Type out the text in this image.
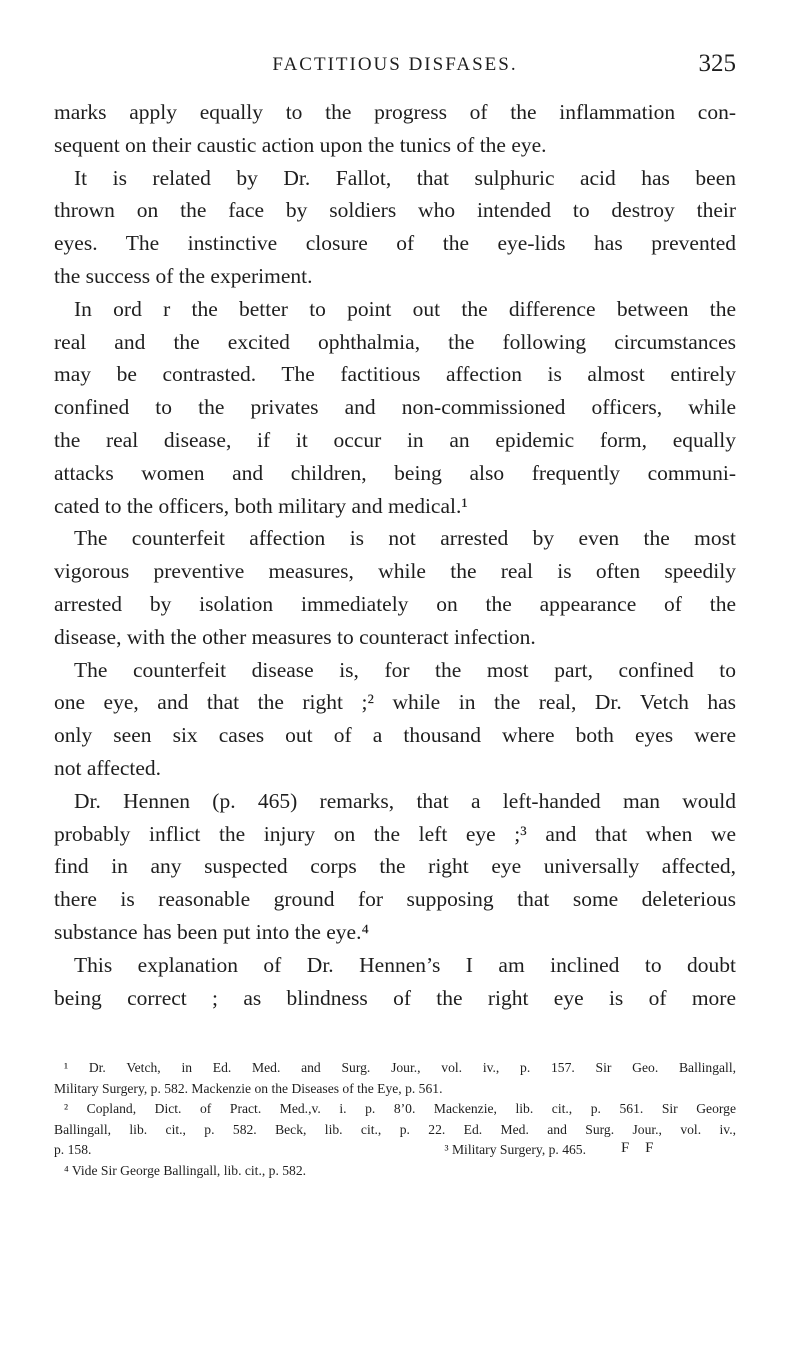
FACTITIOUS DISFASES.	325
marks apply equally to the progress of the inflammation con-
sequent on their caustic action upon the tunics of the eye.
It is related by Dr. Fallot, that sulphuric acid has been
thrown on the face by soldiers who intended to destroy their
eyes. The instinctive closure of the eye-lids has prevented
the success of the experiment.
In ord r the better to point out the difference between the
real and the excited ophthalmia, the following circumstances
may be contrasted. The factitious affection is almost entirely
confined to the privates and non-commissioned officers, while
the real disease, if it occur in an epidemic form, equally
attacks women and children, being also frequently communi-
cated to the officers, both military and medical.¹
The counterfeit affection is not arrested by even the most
vigorous preventive measures, while the real is often speedily
arrested by isolation immediately on the appearance of the
disease, with the other measures to counteract infection.
The counterfeit disease is, for the most part, confined to
one eye, and that the right ;² while in the real, Dr. Vetch has
only seen six cases out of a thousand where both eyes were
not affected.
Dr. Hennen (p. 465) remarks, that a left-handed man would
probably inflict the injury on the left eye ;³ and that when we
find in any suspected corps the right eye universally affected,
there is reasonable ground for supposing that some deleterious
substance has been put into the eye.⁴
This explanation of Dr. Hennen’s I am inclined to doubt
being correct ; as blindness of the right eye is of more
¹ Dr. Vetch, in Ed. Med. and Surg. Jour., vol. iv., p. 157. Sir Geo. Ballingall,
Military Surgery, p. 582. Mackenzie on the Diseases of the Eye, p. 561.
² Copland, Dict. of Pract. Med.,v. i. p. 8’0. Mackenzie, lib. cit., p. 561. Sir George
Ballingall, lib. cit., p. 582. Beck, lib. cit., p. 22. Ed. Med. and Surg. Jour., vol. iv.,
p. 158.	³ Military Surgery, p. 465.
⁴ Vide Sir George Ballingall, lib. cit., p. 582.
F F
